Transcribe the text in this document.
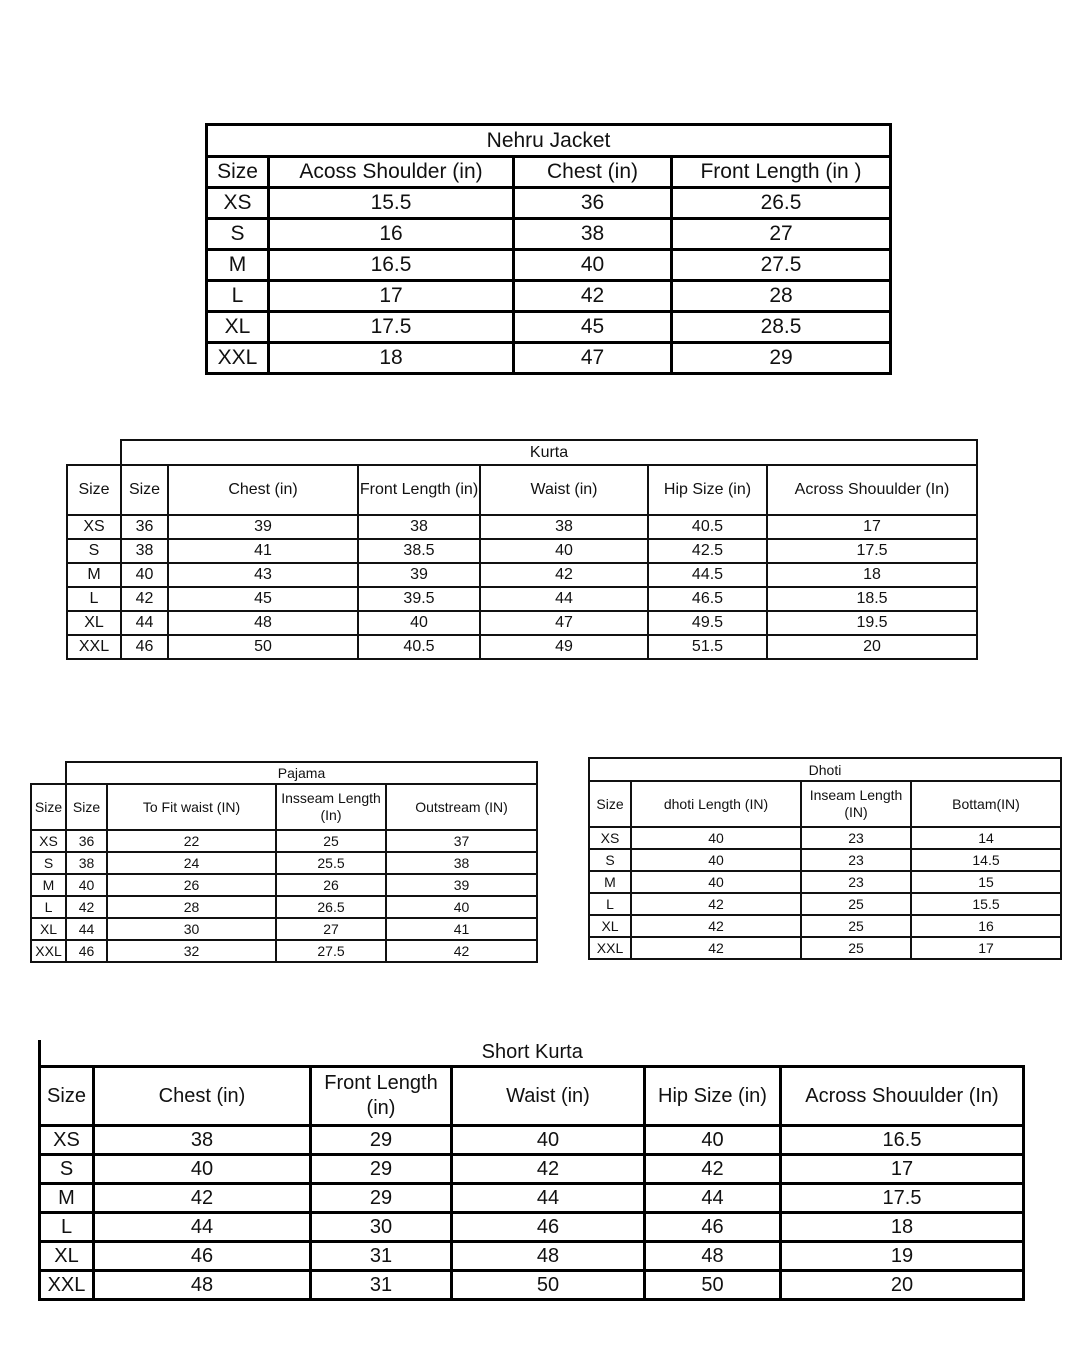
Nehru Jacket			
Size	Acoss Shoulder (in)	Chest (in)	Front Length (in )
XS	15.5	36	26.5
S	16	38	27
M	16.5	40	27.5
L	17	42	28
XL	17.5	45	28.5
XXL	18	47	29
	Kurta					
Size	Size	Chest (in)	Front Length (in)	Waist (in)	Hip Size (in)	Across Shouulder (In)
XS	36	39	38	38	40.5	17
S	38	41	38.5	40	42.5	17.5
M	40	43	39	42	44.5	18
L	42	45	39.5	44	46.5	18.5
XL	44	48	40	47	49.5	19.5
XXL	46	50	40.5	49	51.5	20
	Pajama			
Size	Size	To Fit waist (IN)	Insseam Length (In)	Outstream (IN)
XS	36	22	25	37
S	38	24	25.5	38
M	40	26	26	39
L	42	28	26.5	40
XL	44	30	27	41
XXL	46	32	27.5	42
Dhoti			
Size	dhoti Length (IN)	Inseam Length (IN)	Bottam(IN)
XS	40	23	14
S	40	23	14.5
M	40	23	15
L	42	25	15.5
XL	42	25	16
XXL	42	25	17
Short Kurta					
Size	Chest (in)	Front Length (in)	Waist (in)	Hip Size (in)	Across Shouulder (In)
XS	38	29	40	40	16.5
S	40	29	42	42	17
M	42	29	44	44	17.5
L	44	30	46	46	18
XL	46	31	48	48	19
XXL	48	31	50	50	20
